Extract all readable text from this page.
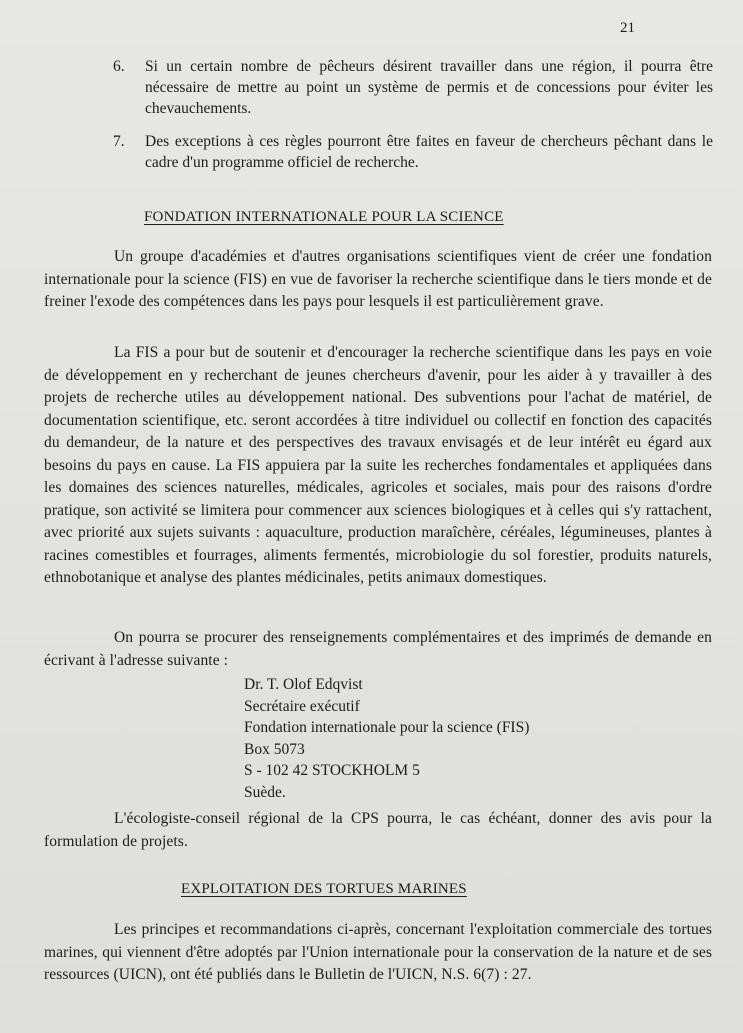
21
6. Si un certain nombre de pêcheurs désirent travailler dans une région, il pourra être nécessaire de mettre au point un système de permis et de concessions pour éviter les chevauchements.
7. Des exceptions à ces règles pourront être faites en faveur de chercheurs pêchant dans le cadre d'un programme officiel de recherche.
FONDATION INTERNATIONALE POUR LA SCIENCE
Un groupe d'académies et d'autres organisations scientifiques vient de créer une fondation internationale pour la science (FIS) en vue de favoriser la recherche scientifique dans le tiers monde et de freiner l'exode des compétences dans les pays pour lesquels il est particulièrement grave.
La FIS a pour but de soutenir et d'encourager la recherche scientifique dans les pays en voie de développement en y recherchant de jeunes chercheurs d'avenir, pour les aider à y travailler à des projets de recherche utiles au développement national. Des subventions pour l'achat de matériel, de documentation scientifique, etc. seront accordées à titre individuel ou collectif en fonction des capacités du demandeur, de la nature et des perspectives des travaux envisagés et de leur intérêt eu égard aux besoins du pays en cause. La FIS appuiera par la suite les recherches fondamentales et appliquées dans les domaines des sciences naturelles, médicales, agricoles et sociales, mais pour des raisons d'ordre pratique, son activité se limitera pour commencer aux sciences biologiques et à celles qui s'y rattachent, avec priorité aux sujets suivants : aquaculture, production maraîchère, céréales, légumineuses, plantes à racines comestibles et fourrages, aliments fermentés, microbiologie du sol forestier, produits naturels, ethnobotanique et analyse des plantes médicinales, petits animaux domestiques.
On pourra se procurer des renseignements complémentaires et des imprimés de demande en écrivant à l'adresse suivante :
Dr. T. Olof Edqvist
Secrétaire exécutif
Fondation internationale pour la science (FIS)
Box 5073
S - 102 42 STOCKHOLM 5
Suède.
L'écologiste-conseil régional de la CPS pourra, le cas échéant, donner des avis pour la formulation de projets.
EXPLOITATION DES TORTUES MARINES
Les principes et recommandations ci-après, concernant l'exploitation commerciale des tortues marines, qui viennent d'être adoptés par l'Union internationale pour la conservation de la nature et de ses ressources (UICN), ont été publiés dans le Bulletin de l'UICN, N.S. 6(7) : 27.
